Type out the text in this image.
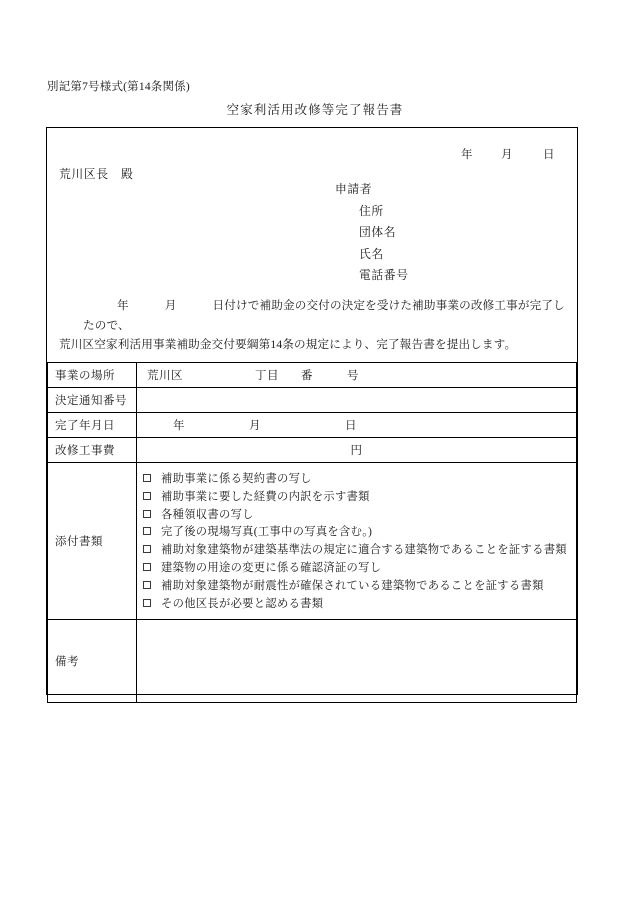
別記第7号様式(第14条関係)
空家利活用改修等完了報告書
年 月	日
荒川区長　殿
申請者
住所
団体名
氏名
電話番号
年	月	日付けで補助金の交付の決定を受けた補助事業の改修工事が完了したので、
荒川区空家利活用事業補助金交付要綱第14条の規定により、完了報告書を提出します。
事業の場所	荒川区 丁目 番 号

決定通知番号	
完了年月日	年 月 日

改修工事費	円
添付書類	
補助事業に係る契約書の写し
補助事業に要した経費の内訳を示す書類
各種領収書の写し
完了後の現場写真(工事中の写真を含む。)
補助対象建築物が建築基準法の規定に適合する建築物であることを証する書類
建築物の用途の変更に係る確認済証の写し
補助対象建築物が耐震性が確保されている建築物であることを証する書類
その他区長が必要と認める書類

備考	
